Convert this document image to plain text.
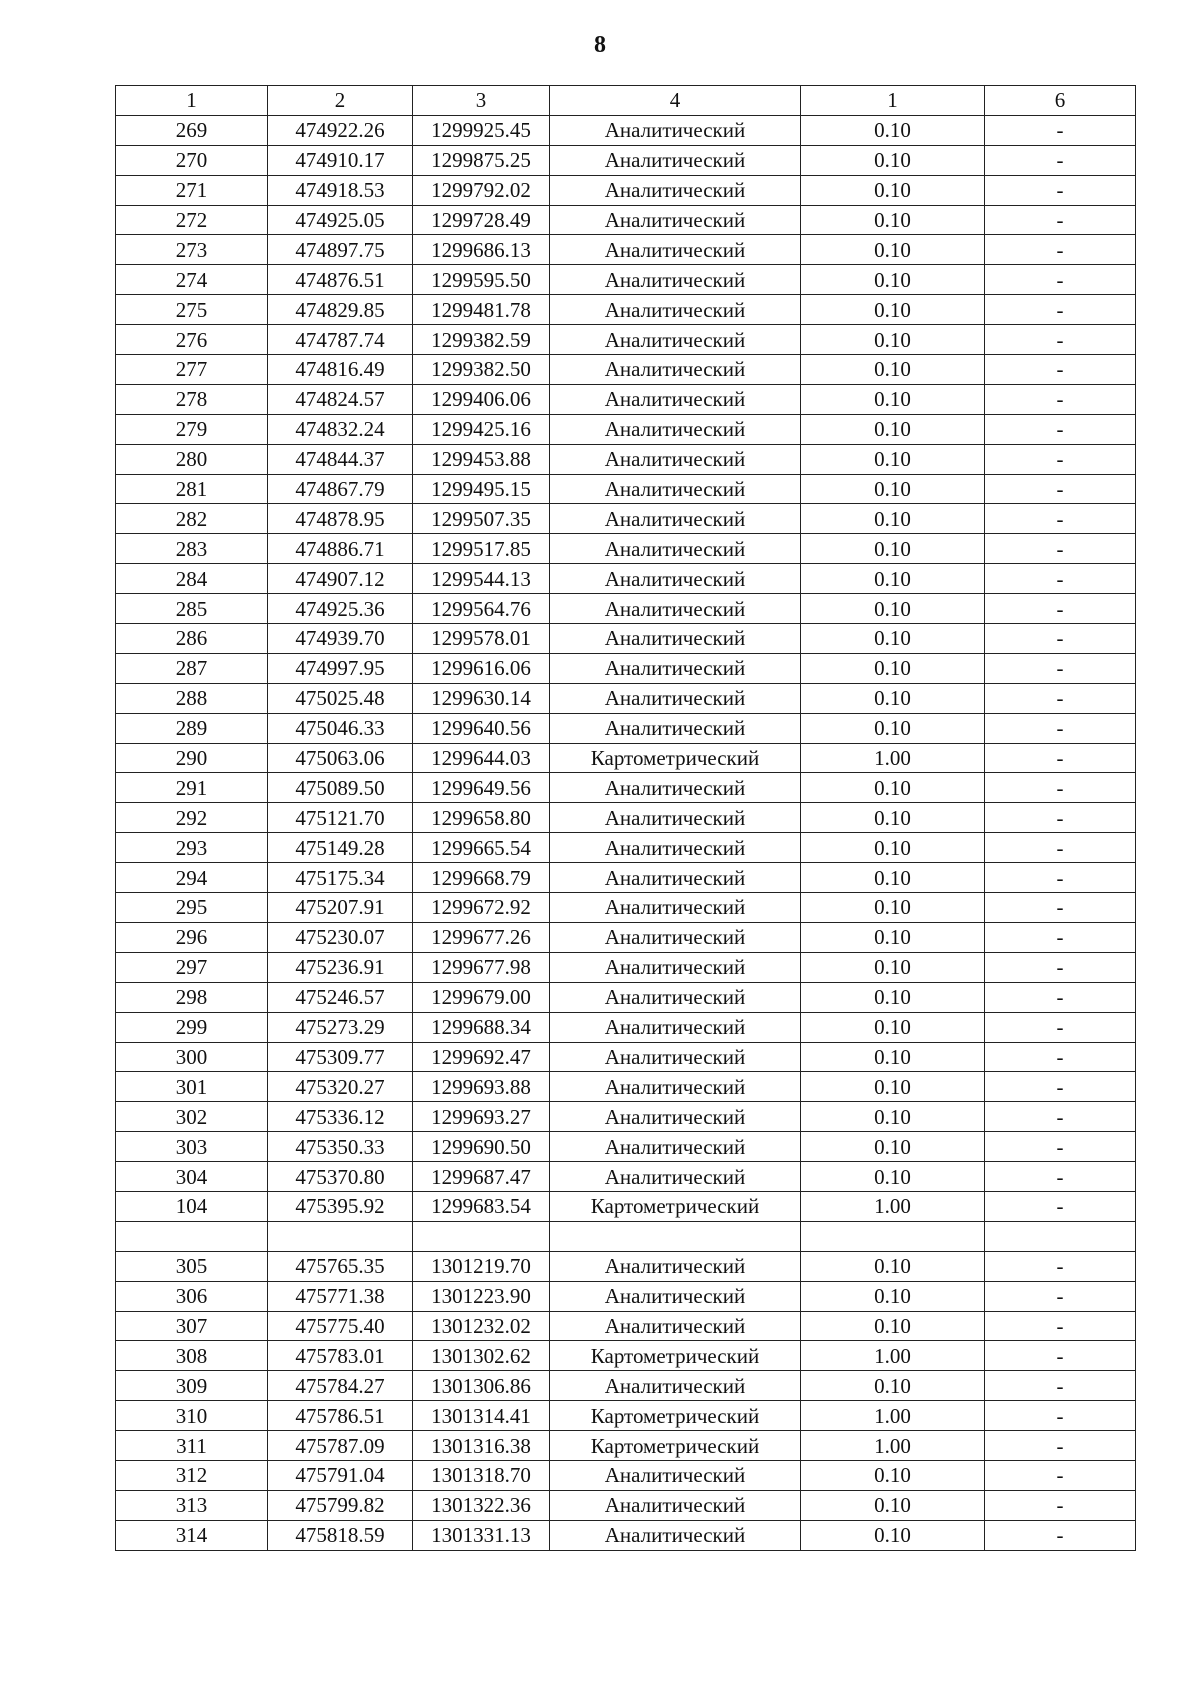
8
1	2	3	4	1	6
269	474922.26	1299925.45	Аналитический	0.10	-
270	474910.17	1299875.25	Аналитический	0.10	-
271	474918.53	1299792.02	Аналитический	0.10	-
272	474925.05	1299728.49	Аналитический	0.10	-
273	474897.75	1299686.13	Аналитический	0.10	-
274	474876.51	1299595.50	Аналитический	0.10	-
275	474829.85	1299481.78	Аналитический	0.10	-
276	474787.74	1299382.59	Аналитический	0.10	-
277	474816.49	1299382.50	Аналитический	0.10	-
278	474824.57	1299406.06	Аналитический	0.10	-
279	474832.24	1299425.16	Аналитический	0.10	-
280	474844.37	1299453.88	Аналитический	0.10	-
281	474867.79	1299495.15	Аналитический	0.10	-
282	474878.95	1299507.35	Аналитический	0.10	-
283	474886.71	1299517.85	Аналитический	0.10	-
284	474907.12	1299544.13	Аналитический	0.10	-
285	474925.36	1299564.76	Аналитический	0.10	-
286	474939.70	1299578.01	Аналитический	0.10	-
287	474997.95	1299616.06	Аналитический	0.10	-
288	475025.48	1299630.14	Аналитический	0.10	-
289	475046.33	1299640.56	Аналитический	0.10	-
290	475063.06	1299644.03	Картометрический	1.00	-
291	475089.50	1299649.56	Аналитический	0.10	-
292	475121.70	1299658.80	Аналитический	0.10	-
293	475149.28	1299665.54	Аналитический	0.10	-
294	475175.34	1299668.79	Аналитический	0.10	-
295	475207.91	1299672.92	Аналитический	0.10	-
296	475230.07	1299677.26	Аналитический	0.10	-
297	475236.91	1299677.98	Аналитический	0.10	-
298	475246.57	1299679.00	Аналитический	0.10	-
299	475273.29	1299688.34	Аналитический	0.10	-
300	475309.77	1299692.47	Аналитический	0.10	-
301	475320.27	1299693.88	Аналитический	0.10	-
302	475336.12	1299693.27	Аналитический	0.10	-
303	475350.33	1299690.50	Аналитический	0.10	-
304	475370.80	1299687.47	Аналитический	0.10	-
104	475395.92	1299683.54	Картометрический	1.00	-

305	475765.35	1301219.70	Аналитический	0.10	-
306	475771.38	1301223.90	Аналитический	0.10	-
307	475775.40	1301232.02	Аналитический	0.10	-
308	475783.01	1301302.62	Картометрический	1.00	-
309	475784.27	1301306.86	Аналитический	0.10	-
310	475786.51	1301314.41	Картометрический	1.00	-
311	475787.09	1301316.38	Картометрический	1.00	-
312	475791.04	1301318.70	Аналитический	0.10	-
313	475799.82	1301322.36	Аналитический	0.10	-
314	475818.59	1301331.13	Аналитический	0.10	-
